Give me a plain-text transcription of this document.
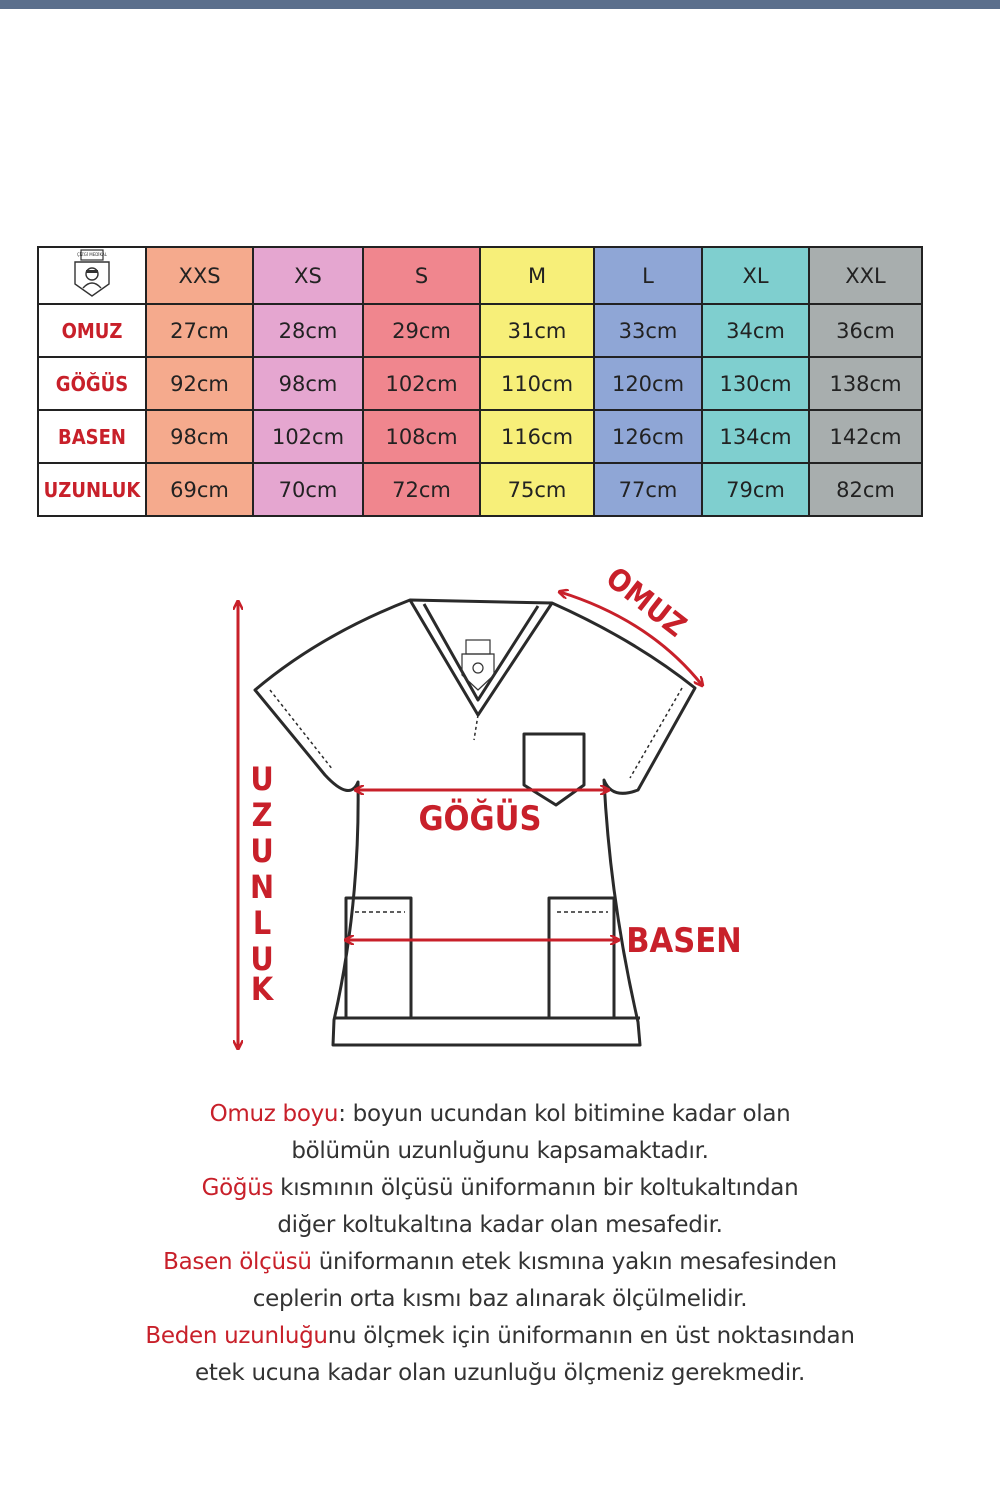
ÇİZGİ MEDİKAL	XXS	XS	S	M	L	XL	XXL
OMUZ	27cm	28cm	29cm	31cm	33cm	34cm	36cm
GÖĞÜS	92cm	98cm	102cm	110cm	120cm	130cm	138cm
BASEN	98cm	102cm	108cm	116cm	126cm	134cm	142cm
UZUNLUK	69cm	70cm	72cm	75cm	77cm	79cm	82cm
OMUZ
GÖĞÜS
BASEN
U
Z
U
N
L
U
K

Omuz boyu: boyun ucundan kol bitimine kadar olan

bölümün uzunluğunu kapsamaktadır.

Göğüs kısmının ölçüsü üniformanın bir koltukaltından

diğer koltukaltına kadar olan mesafedir.

Basen ölçüsü üniformanın etek kısmına yakın mesafesinden

ceplerin orta kısmı baz alınarak ölçülmelidir.

Beden uzunluğunu ölçmek için üniformanın en üst noktasından

etek ucuna kadar olan uzunluğu ölçmeniz gerekmedir.
